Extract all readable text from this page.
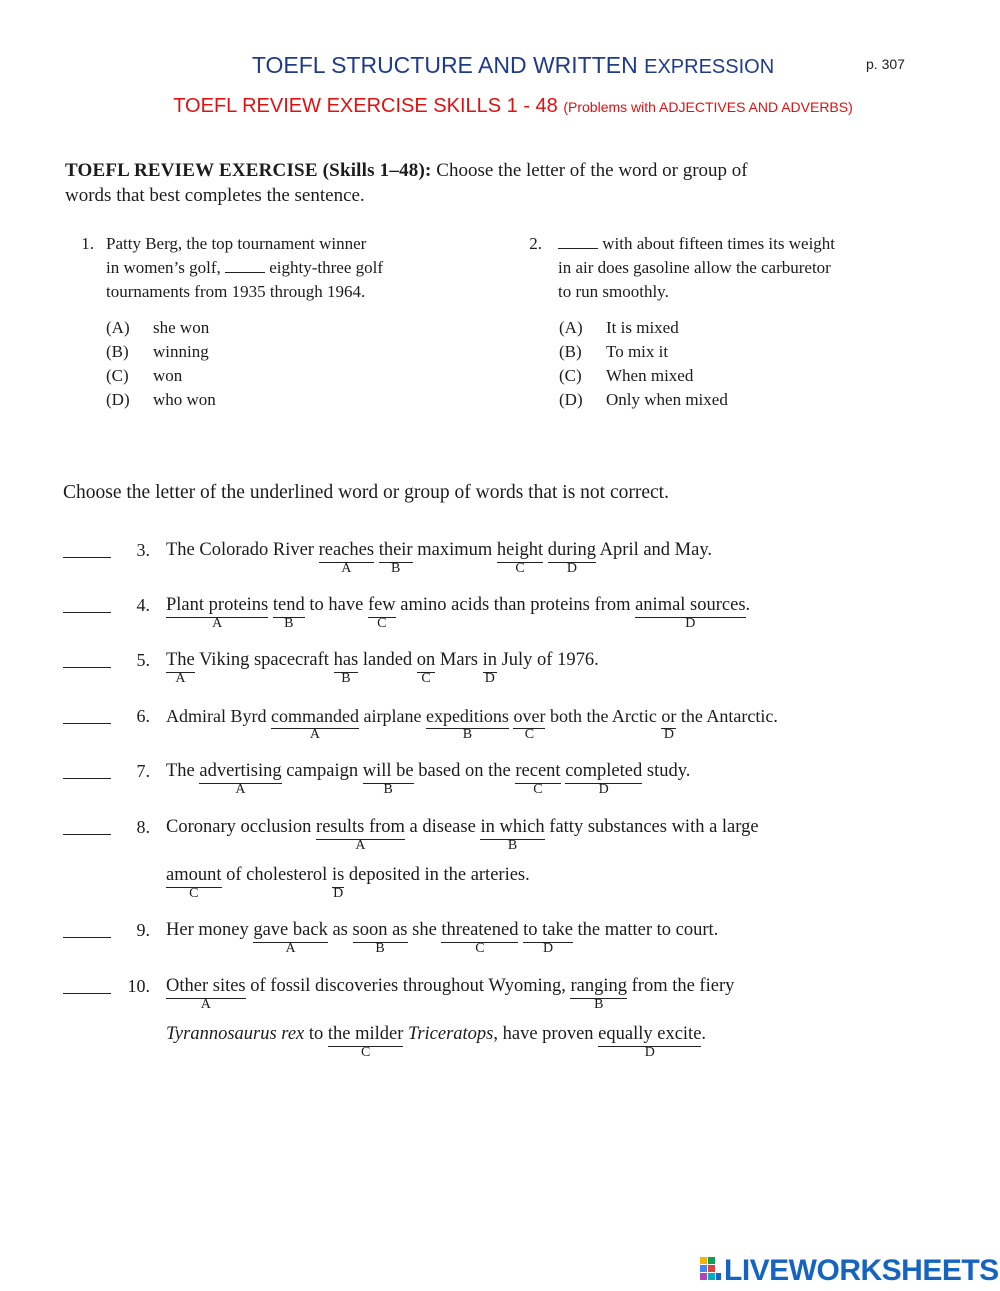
TOEFL STRUCTURE AND WRITTEN EXPRESSION	p. 307
TOEFL REVIEW EXERCISE SKILLS 1 - 48 (Problems with ADJECTIVES AND ADVERBS)
TOEFL REVIEW EXERCISE (Skills 1–48): Choose the letter of the word or group of
words that best completes the sentence.
1. Patty Berg, the top tournament winner
in women’s golf,	eighty-three golf
tournaments from 1935 through 1964.
(A) she won
(B) winning
(C) won
(D) who won
2.	with about fifteen times its weight
in air does gasoline allow the carburetor
to run smoothly.
(A) It is mixed
(B) To mix it
(C) When mixed
(D) Only when mixed
Choose the letter of the underlined word or group of words that is not correct.
3. The Colorado River reaches
A
their
B
maximum height
C
during
D
April and May.
4. Plant proteins
A
tend
B
to have few
C
amino acids than proteins from animal sources
D
.
5. The
A
Viking spacecraft has
B
landed on
C
Mars in
D
July of 1976.
6. Admiral Byrd commanded
A
airplane expeditions
B
over
C
both the Arctic or
D
the Antarctic.
7. The advertising
A
campaign will be
B
based on the recent
C
completed
D
study.
8. Coronary occlusion results from
A
a disease in which
B
fatty substances with a large
amount
C
of cholesterol is
D
deposited in the arteries.
9. Her money gave back
A
as soon as
B
she threatened
C
to take
D
the matter to court.
10. Other sites
A
of fossil discoveries throughout Wyoming, ranging
B
from the fiery
Tyrannosaurus rex to the milder
C
Triceratops, have proven equally excite
D
.
LIVEWORKSHEETS
